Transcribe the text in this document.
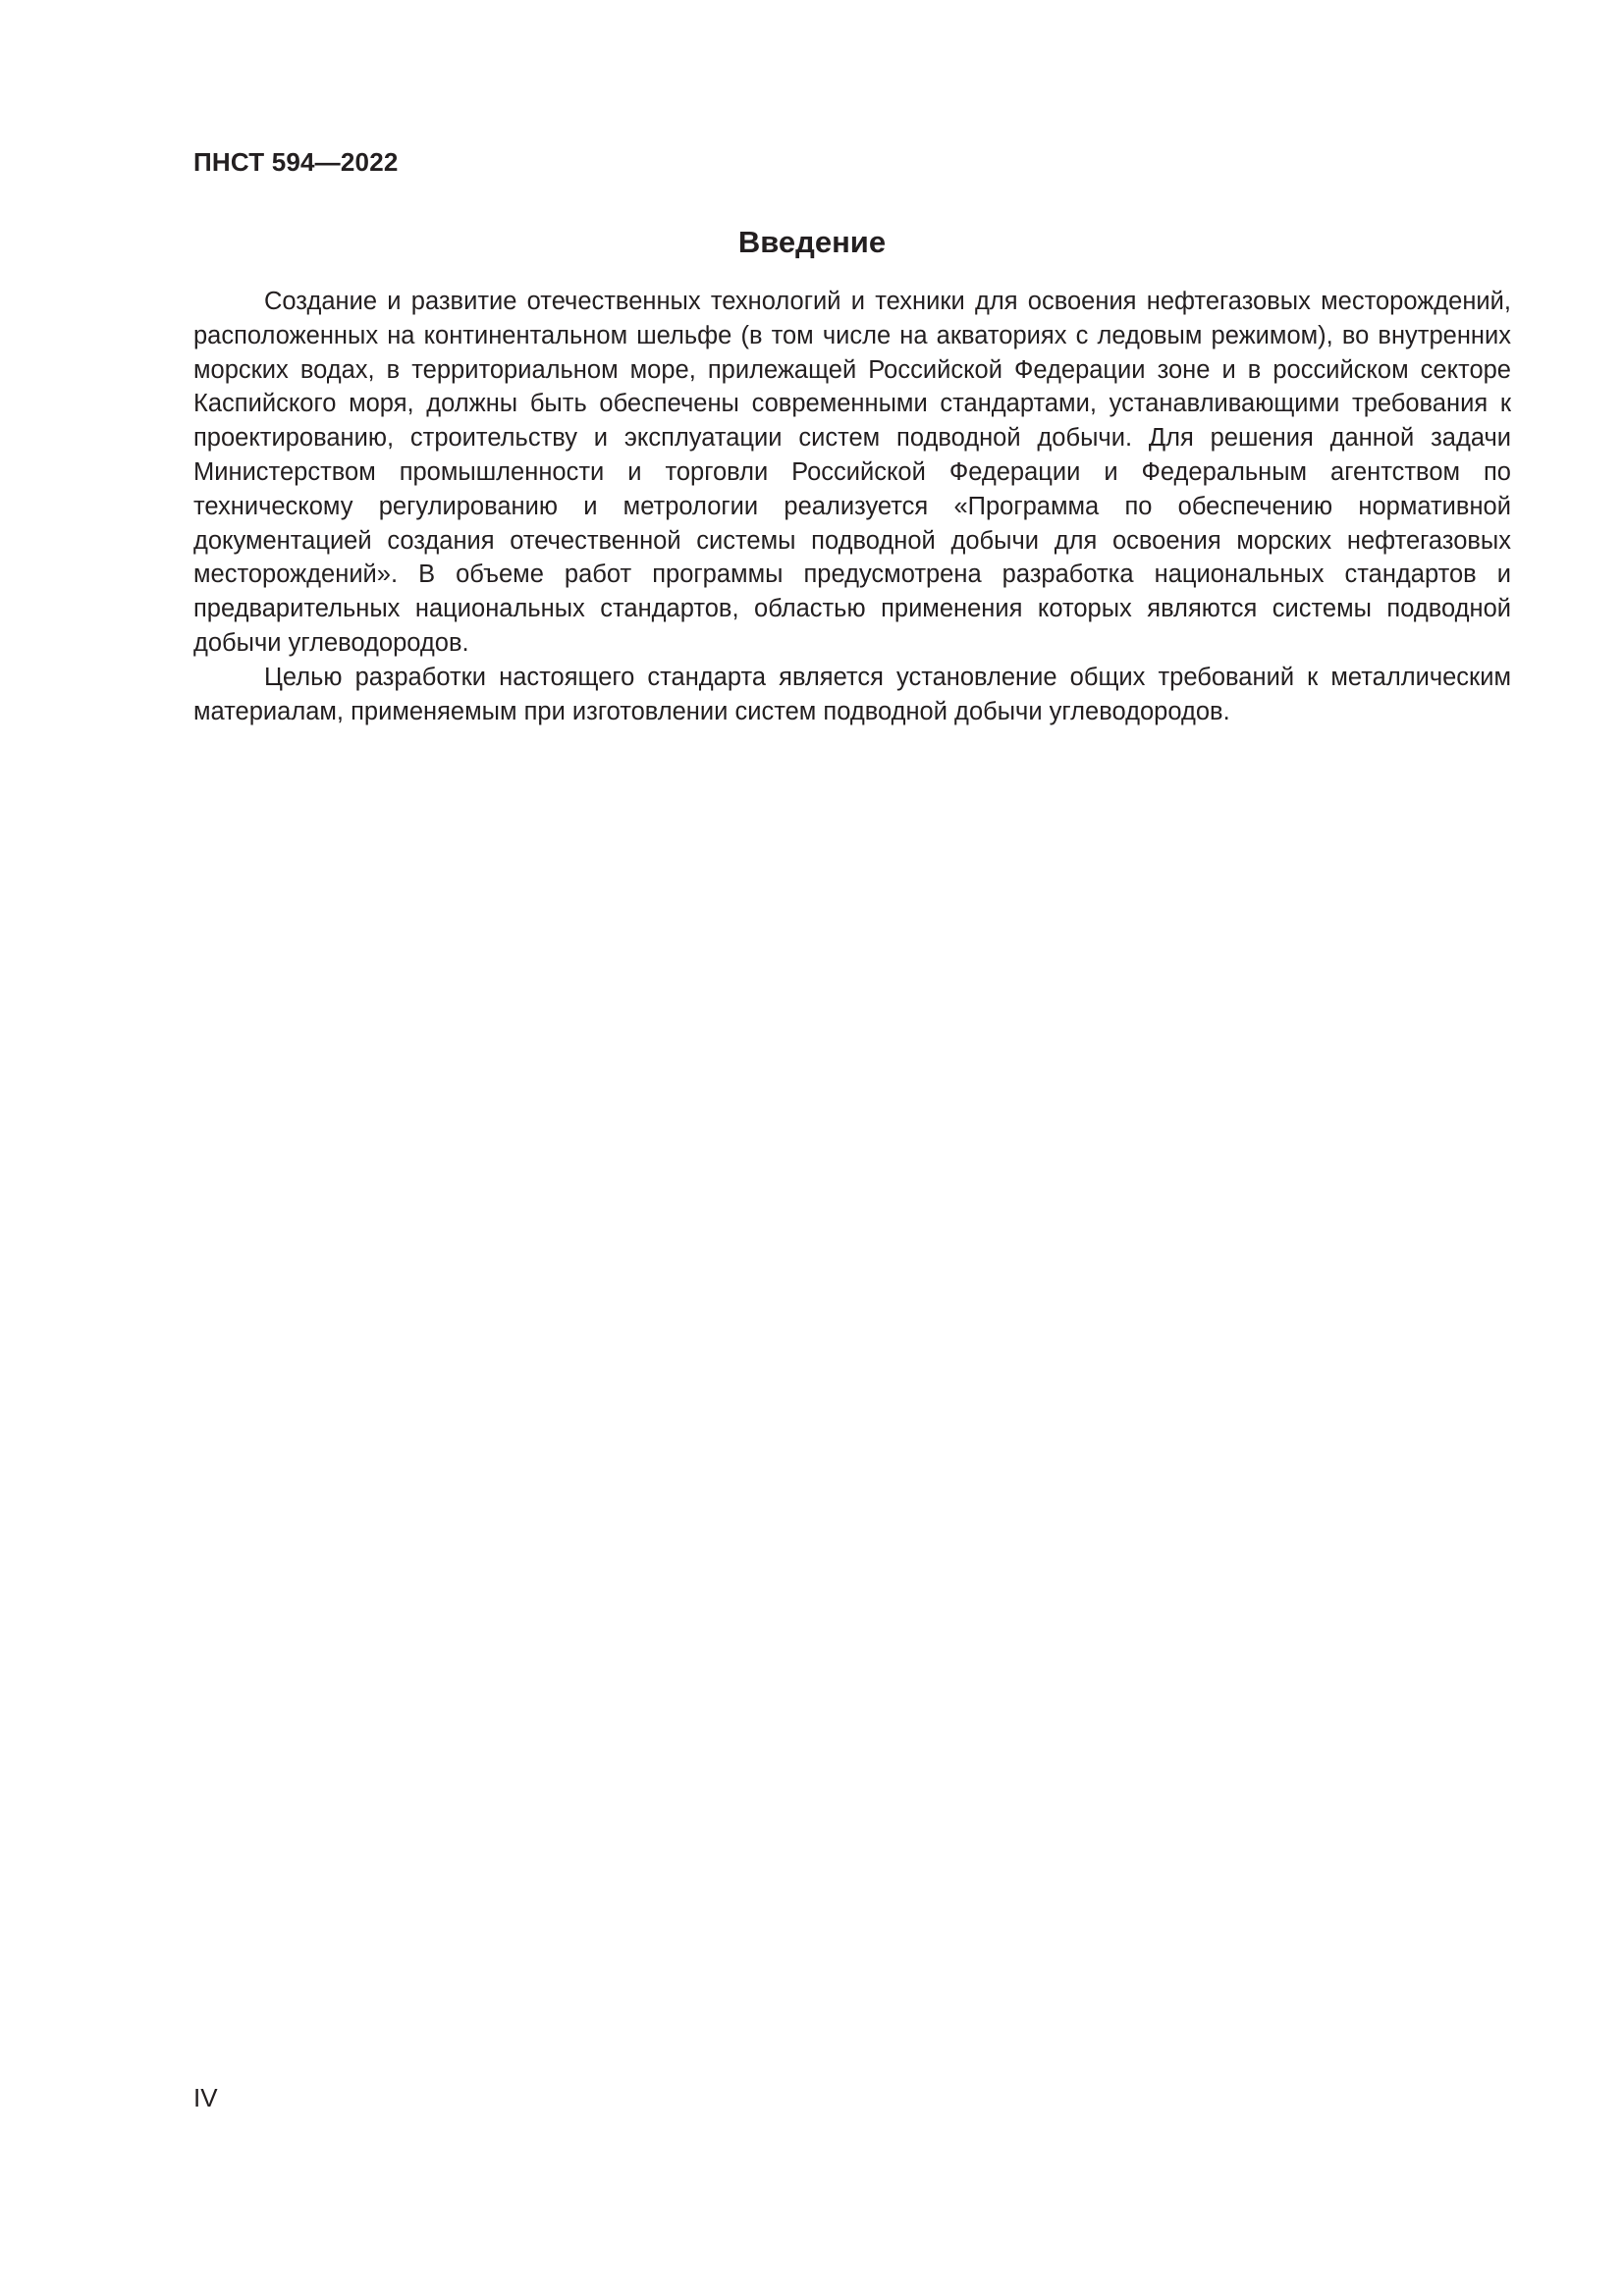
ПНСТ 594—2022
Введение

Создание и развитие отечественных технологий и техники для освоения нефтегазовых месторождений, расположенных на континентальном шельфе (в том числе на акваториях с ледовым режимом), во внутренних морских водах, в территориальном море, прилежащей Российской Федерации зоне и в российском секторе Каспийского моря, должны быть обеспечены современными стандартами, устанавливающими требования к проектированию, строительству и эксплуатации систем подводной добычи. Для решения данной задачи Министерством промышленности и торговли Российской Федерации и Федеральным агентством по техническому регулированию и метрологии реализуется «Программа по обеспечению нормативной документацией создания отечественной системы подводной добычи для освоения морских нефтегазовых месторождений». В объеме работ программы предусмотрена разработка национальных стандартов и предварительных национальных стандартов, областью применения которых являются системы подводной добычи углеводородов.

Целью разработки настоящего стандарта является установление общих требований к металлическим материалам, применяемым при изготовлении систем подводной добычи углеводородов.

IV
